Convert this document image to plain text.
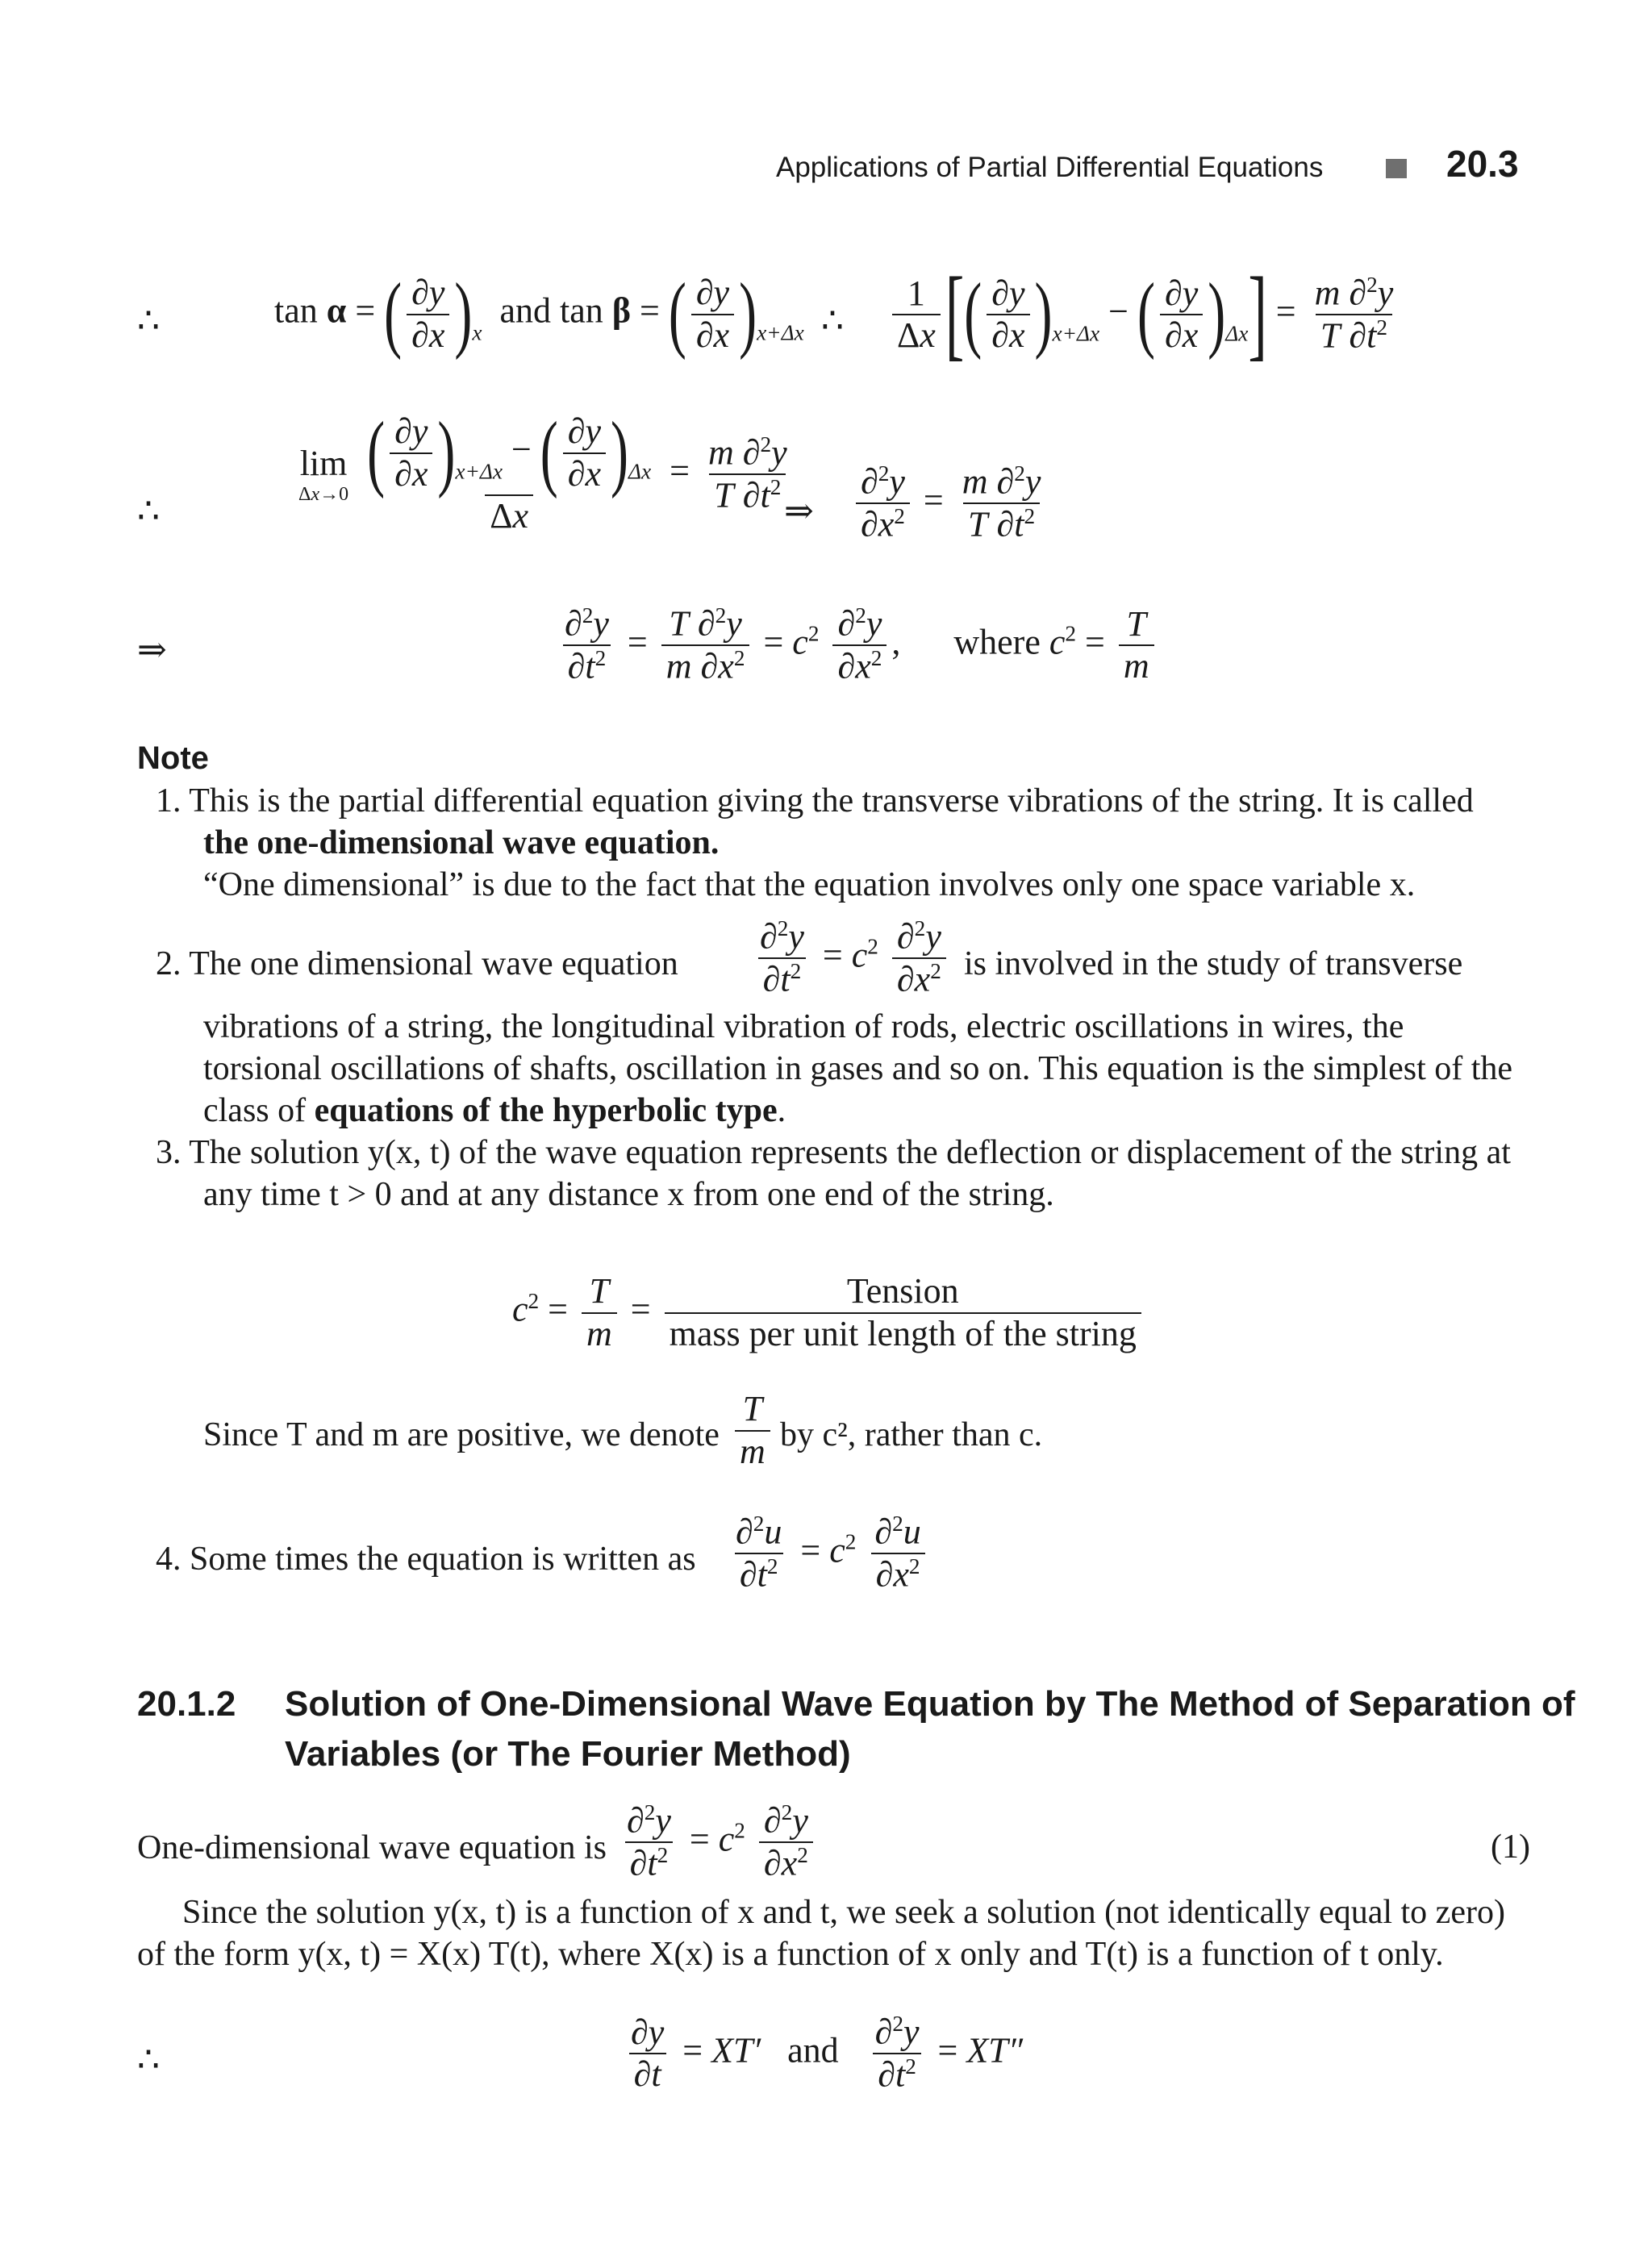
Applications of Partial Differential Equations	20.3
∴	tan α = ( $\frac{\partial y}{\partial x} )_x$  and tan β = ( $\frac{\partial y}{\partial x} )_{x+\Delta x}$ ∴ $\frac{1}{\Delta x}$ [( $\frac{\partial y}{\partial x} )_{x+\Delta x}$ − ( $\frac{\partial y}{\partial x} )_{\Delta x}] = \frac{m \partial^2y}{T \partial t^2}$
∴
lim
Δx→0
$\frac{( \frac{\partial y}{\partial x} )_{x+\Delta x} - ( \frac{\partial y}{\partial x} )_{\Delta x}}{\Delta x} = \frac{m \partial^2y}{T \partial t^2}$
⇒ $\frac{\partial^2y}{\partial x^2} = \frac{m \partial^2y}{T \partial t^2}$
⇒	$\frac{\partial^2y}{\partial t^2} = \frac{T \partial^2y}{m \partial x^2} = c^2 \frac{\partial^2y}{\partial x^2}$ ,      where $c^2 = \frac{T}{m}$
Note
1. This is the partial differential equation giving the transverse vibrations of the string. It is called
the one-dimensional wave equation.
“One dimensional” is due to the fact that the equation involves only one space variable x.
2. The one dimensional wave equation $\frac{\partial^2y}{\partial t^2} = c^2 \frac{\partial^2y}{\partial x^2}$ is involved in the study of transverse
vibrations of a string, the longitudinal vibration of rods, electric oscillations in wires, the
torsional oscillations of shafts, oscillation in gases and so on. This equation is the simplest of the
class of equations of the hyperbolic type.
3. The solution y(x, t) of the wave equation represents the deflection or displacement of the string at
any time t > 0 and at any distance x from one end of the string.
$c^2 = \frac{T}{m} = \frac{\text{Tension}}{\text{mass per unit length of the string}}$
Since T and m are positive, we denote $\frac{T}{m}$ by c², rather than c.
4. Some times the equation is written as $\frac{\partial^2u}{\partial t^2} = c^2 \frac{\partial^2u}{\partial x^2}$
20.1.2 Solution of One-Dimensional Wave Equation by The Method of Separation of
Variables (or The Fourier Method)
One-dimensional wave equation is $\frac{\partial^2y}{\partial t^2} = c^2 \frac{\partial^2y}{\partial x^2}$	(1)
Since the solution y(x, t) is a function of x and t, we seek a solution (not identically equal to zero)
of the form y(x, t) = X(x) T(t), where X(x) is a function of x only and T(t) is a function of t only.
∴	$\frac{\partial y}{\partial t} = XT'$ and $\frac{\partial^2y}{\partial t^2} = XT''$
